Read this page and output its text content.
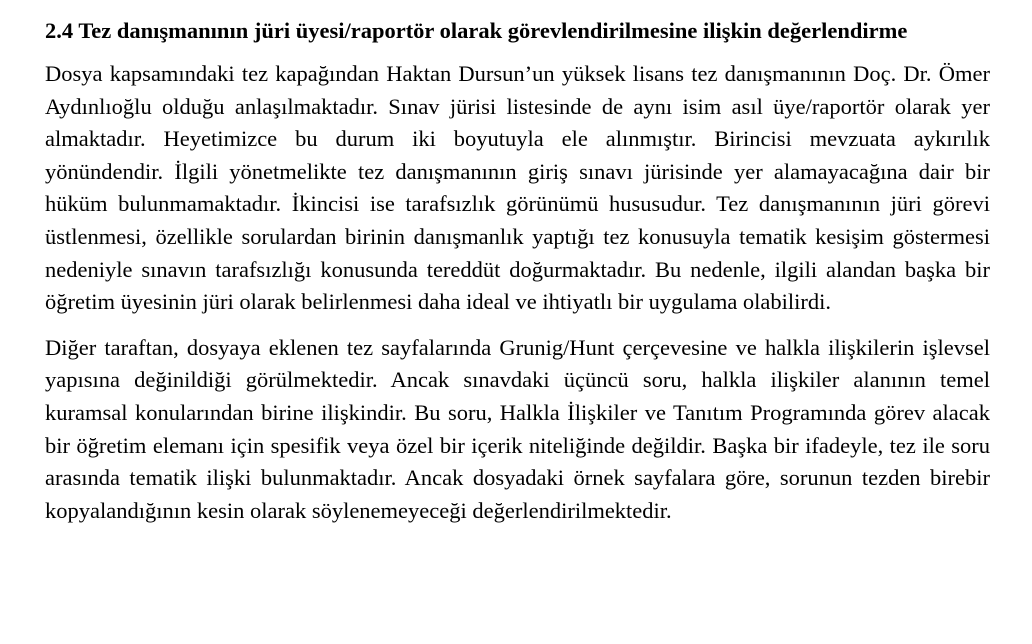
2.4 Tez danışmanının jüri üyesi/raportör olarak görevlendirilmesine ilişkin değerlendirme

Dosya kapsamındaki tez kapağından Haktan Dursun’un yüksek lisans tez danışmanının Doç. Dr. Ömer Aydınlıoğlu olduğu anlaşılmaktadır. Sınav jürisi listesinde de aynı isim asıl üye/raportör olarak yer almaktadır. Heyetimizce bu durum iki boyutuyla ele alınmıştır. Birincisi mevzuata aykırılık yönündendir. İlgili yönetmelikte tez danışmanının giriş sınavı jürisinde yer alamayacağına dair bir hüküm bulunmamaktadır. İkincisi ise tarafsızlık görünümü hususudur. Tez danışmanının jüri görevi üstlenmesi, özellikle sorulardan birinin danışmanlık yaptığı tez konusuyla tematik kesişim göstermesi nedeniyle sınavın tarafsızlığı konusunda tereddüt doğurmaktadır. Bu nedenle, ilgili alandan başka bir öğretim üyesinin jüri olarak belirlenmesi daha ideal ve ihtiyatlı bir uygulama olabilirdi.

Diğer taraftan, dosyaya eklenen tez sayfalarında Grunig/Hunt çerçevesine ve halkla ilişkilerin işlevsel yapısına değinildiği görülmektedir. Ancak sınavdaki üçüncü soru, halkla ilişkiler alanının temel kuramsal konularından birine ilişkindir. Bu soru, Halkla İlişkiler ve Tanıtım Programında görev alacak bir öğretim elemanı için spesifik veya özel bir içerik niteliğinde değildir. Başka bir ifadeyle, tez ile soru arasında tematik ilişki bulunmaktadır. Ancak dosyadaki örnek sayfalara göre, sorunun tezden birebir kopyalandığının kesin olarak söylenemeyeceği değerlendirilmektedir.
